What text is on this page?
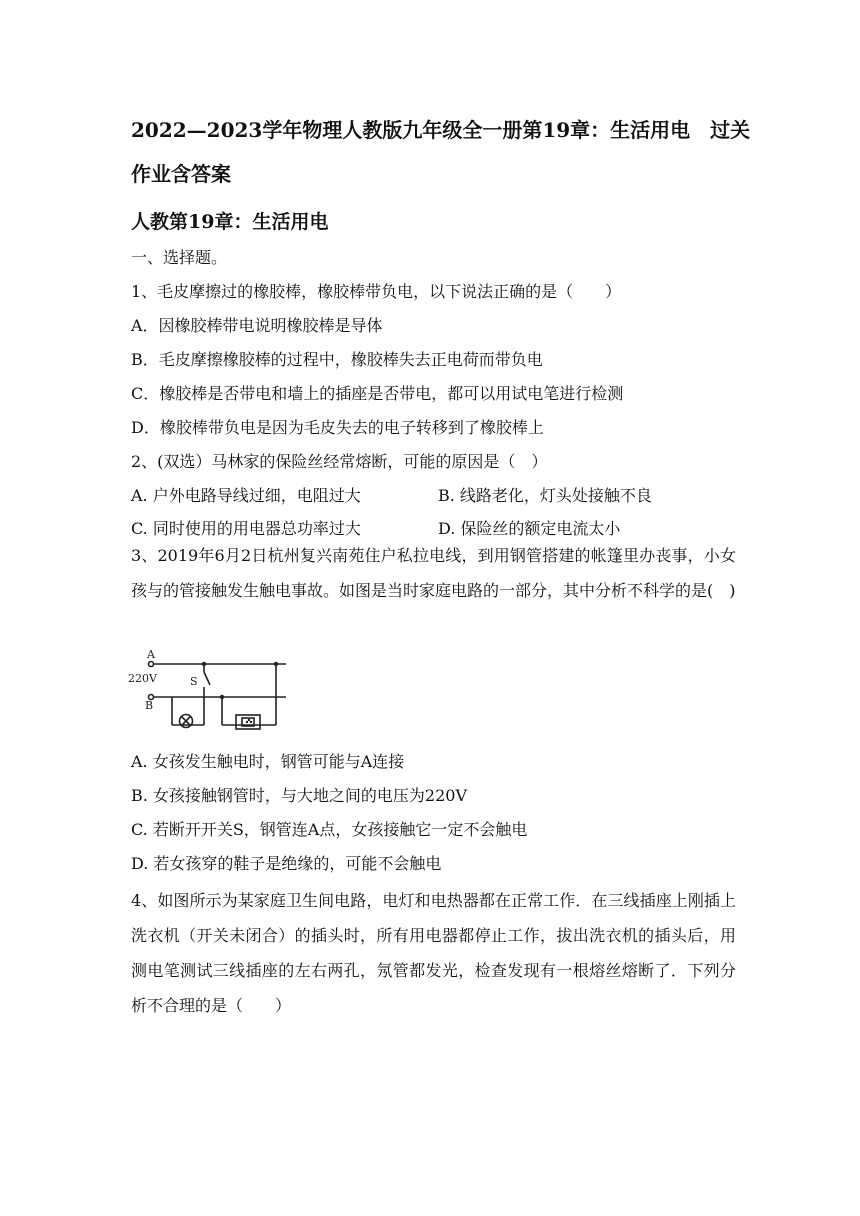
2022—2023学年物理人教版九年级全一册第19章：生活用电　过关作业含答案
人教第19章：生活用电
一、选择题。
1、毛皮摩擦过的橡胶棒，橡胶棒带负电，以下说法正确的是（　　）
A．因橡胶棒带电说明橡胶棒是导体
B．毛皮摩擦橡胶棒的过程中，橡胶棒失去正电荷而带负电
C．橡胶棒是否带电和墙上的插座是否带电，都可以用试电笔进行检测
D．橡胶棒带负电是因为毛皮失去的电子转移到了橡胶棒上
2、(双选）马林家的保险丝经常熔断，可能的原因是（　）
A. 户外电路导线过细，电阻过大	B. 线路老化，灯头处接触不良
C. 同时使用的用电器总功率过大	D. 保险丝的额定电流太小
3、2019年6月2日杭州复兴南苑住户私拉电线，到用钢管搭建的帐篷里办丧事，小女孩与的管接触发生触电事故。如图是当时家庭电路的一部分，其中分析不科学的是(　)
A
220V	S
B
A. 女孩发生触电时，钢管可能与A连接
B. 女孩接触钢管时，与大地之间的电压为220V
C. 若断开开关S，钢管连A点，女孩接触它一定不会触电
D. 若女孩穿的鞋子是绝缘的，可能不会触电
4、如图所示为某家庭卫生间电路，电灯和电热器都在正常工作．在三线插座上刚插上洗衣机（开关未闭合）的插头时，所有用电器都停止工作，拔出洗衣机的插头后，用测电笔测试三线插座的左右两孔，氖管都发光，检查发现有一根熔丝熔断了．下列分析不合理的是（　　）
